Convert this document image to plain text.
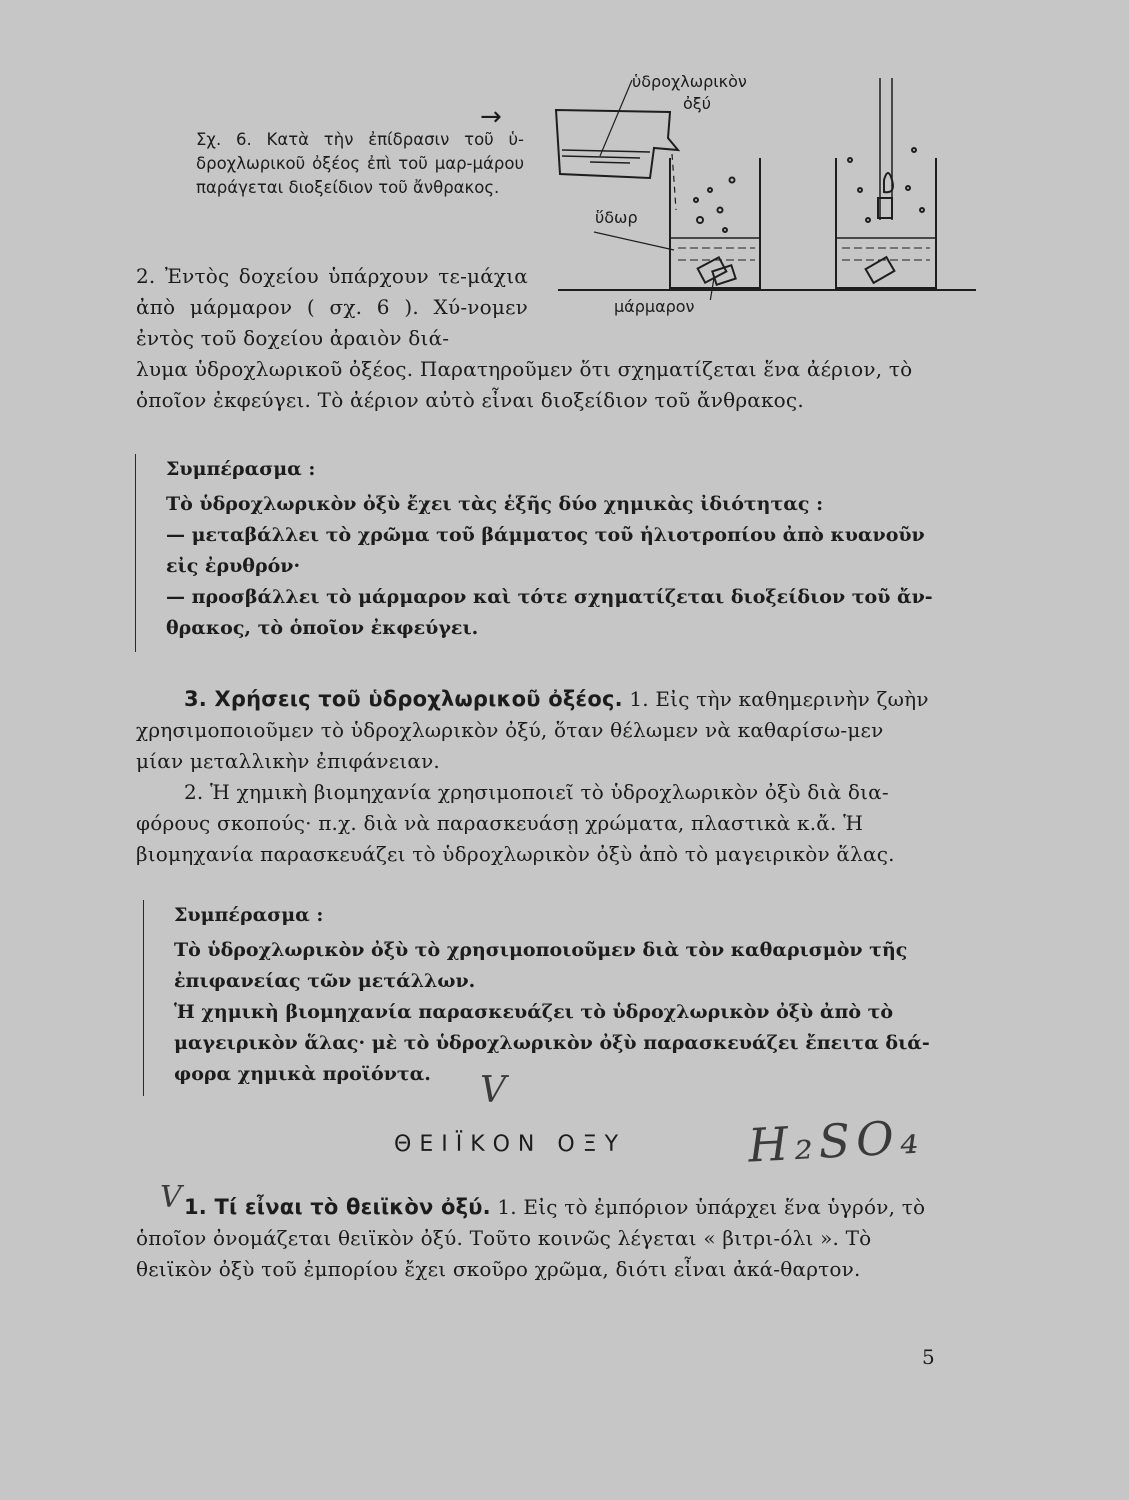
→
Σχ. 6. Κατὰ τὴν ἐπίδρασιν τοῦ ὑ-δροχλωρικοῦ ὀξέος ἐπὶ τοῦ μαρ-μάρου παράγεται διοξείδιον τοῦ ἄνθρακος.
ὑδροχλωρικὸν
ὀξύ
ὕδωρ
μάρμαρον
2. Ἐντὸς δοχείου ὑπάρχουν τε-μάχια ἀπὸ μάρμαρον ( σχ. 6 ). Χύ-νομεν ἐντὸς τοῦ δοχείου ἀραιὸν διά-
λυμα ὑδροχλωρικοῦ ὀξέος. Παρατηροῦμεν ὅτι σχηματίζεται ἕνα ἀέριον, τὸ ὁποῖον ἐκφεύγει. Τὸ ἀέριον αὐτὸ εἶναι διοξείδιον τοῦ ἄνθρακος.

Συμπέρασμα :

Τὸ ὑδροχλωρικὸν ὀξὺ ἔχει τὰς ἑξῆς δύο χημικὰς ἰδιότητας :

— μεταβάλλει τὸ χρῶμα τοῦ βάμματος τοῦ ἡλιοτροπίου ἀπὸ κυανοῦν εἰς ἐρυθρόν·

— προσβάλλει τὸ μάρμαρον καὶ τότε σχηματίζεται διοξείδιον τοῦ ἄν-θρακος, τὸ ὁποῖον ἐκφεύγει.

3. Χρήσεις τοῦ ὑδροχλωρικοῦ ὀξέος. 1. Εἰς τὴν καθημερινὴν ζωὴν χρησιμοποιοῦμεν τὸ ὑδροχλωρικὸν ὀξύ, ὅταν θέλωμεν νὰ καθαρίσω-μεν μίαν μεταλλικὴν ἐπιφάνειαν.

2. Ἡ χημικὴ βιομηχανία χρησιμοποιεῖ τὸ ὑδροχλωρικὸν ὀξὺ διὰ δια-φόρους σκοπούς· π.χ. διὰ νὰ παρασκευάσῃ χρώματα, πλαστικὰ κ.ἄ. Ἡ βιομηχανία παρασκευάζει τὸ ὑδροχλωρικὸν ὀξὺ ἀπὸ τὸ μαγειρικὸν ἅλας.

Συμπέρασμα :

Τὸ ὑδροχλωρικὸν ὀξὺ τὸ χρησιμοποιοῦμεν διὰ τὸν καθαρισμὸν τῆς ἐπιφανείας τῶν μετάλλων.

Ἡ χημικὴ βιομηχανία παρασκευάζει τὸ ὑδροχλωρικὸν ὀξὺ ἀπὸ τὸ μαγειρικὸν ἅλας· μὲ τὸ ὑδροχλωρικὸν ὀξὺ παρασκευάζει ἔπειτα διά-φορα χημικὰ προϊόντα.	V
ΘΕΙΪΚΟΝ ΟΞΥ	H₂SO₄
V 1. Τί εἶναι τὸ θειϊκὸν ὀξύ. 1. Εἰς τὸ ἐμπόριον ὑπάρχει ἕνα ὑγρόν, τὸ ὁποῖον ὀνομάζεται θειϊκὸν ὀξύ. Τοῦτο κοινῶς λέγεται « βιτρι-όλι ». Τὸ θειϊκὸν ὀξὺ τοῦ ἐμπορίου ἔχει σκοῦρο χρῶμα, διότι εἶναι ἀκά-θαρτον.

5
